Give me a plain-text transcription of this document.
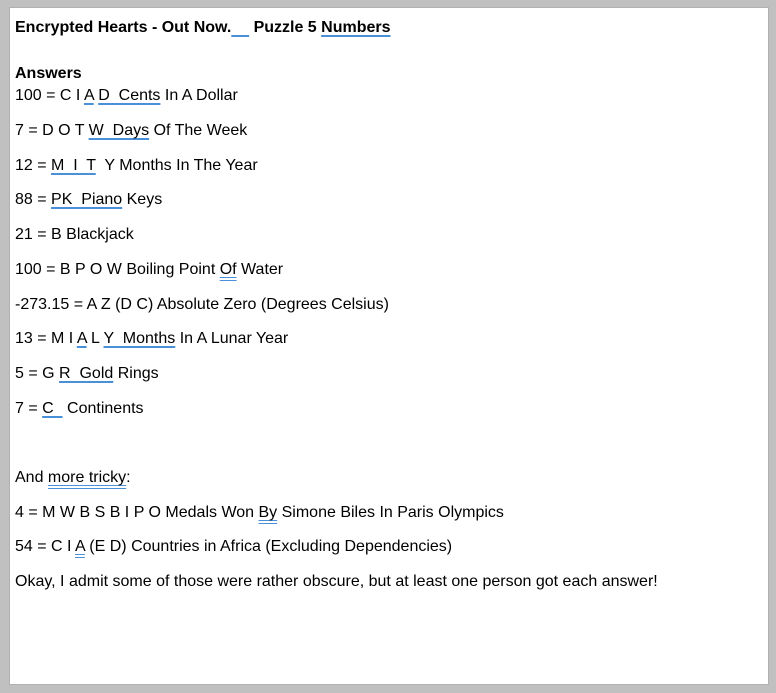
Encrypted Hearts - Out Now. Puzzle 5 Numbers
Answers
100 = C I A D  Cents In A Dollar
7 = D O T W  Days Of The Week
12 = M  I  T  Y Months In The Year
88 = PK  Piano Keys
21 = B Blackjack
100 = B P O W Boiling Point Of Water
-273.15 = A Z (D C) Absolute Zero (Degrees Celsius)
13 = M I A L Y  Months In A Lunar Year
5 = G R  Gold Rings
7 = C   Continents
And more tricky:
4 = M W B S B I P O Medals Won By Simone Biles In Paris Olympics
54 = C I A (E D) Countries in Africa (Excluding Dependencies)
Okay, I admit some of those were rather obscure, but at least one person got each answer!
